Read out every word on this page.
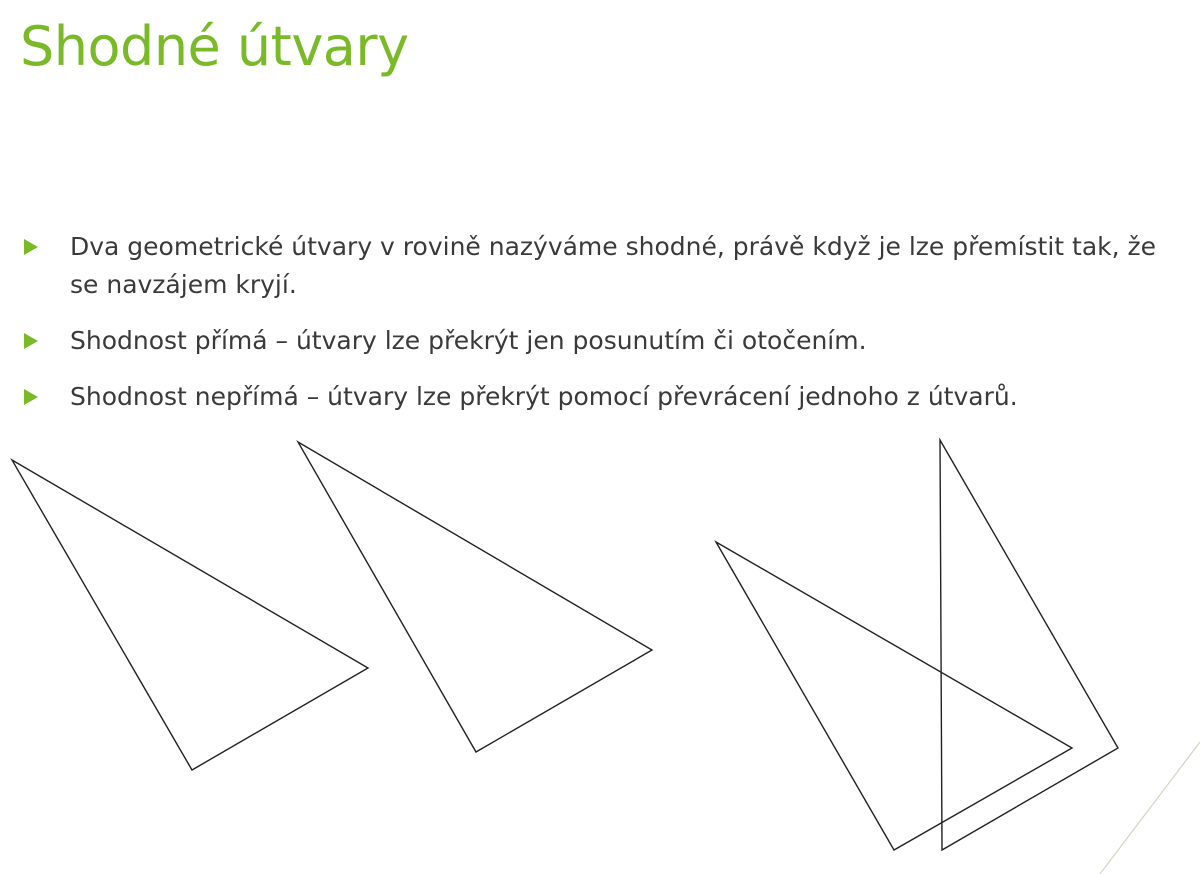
Shodné útvary
Dva geometrické útvary v rovině nazýváme shodné, právě když je lze přemístit tak, že se navzájem kryjí.
Shodnost přímá – útvary lze překrýt jen posunutím či otočením.
Shodnost nepřímá – útvary lze překrýt pomocí převrácení jednoho z útvarů.
